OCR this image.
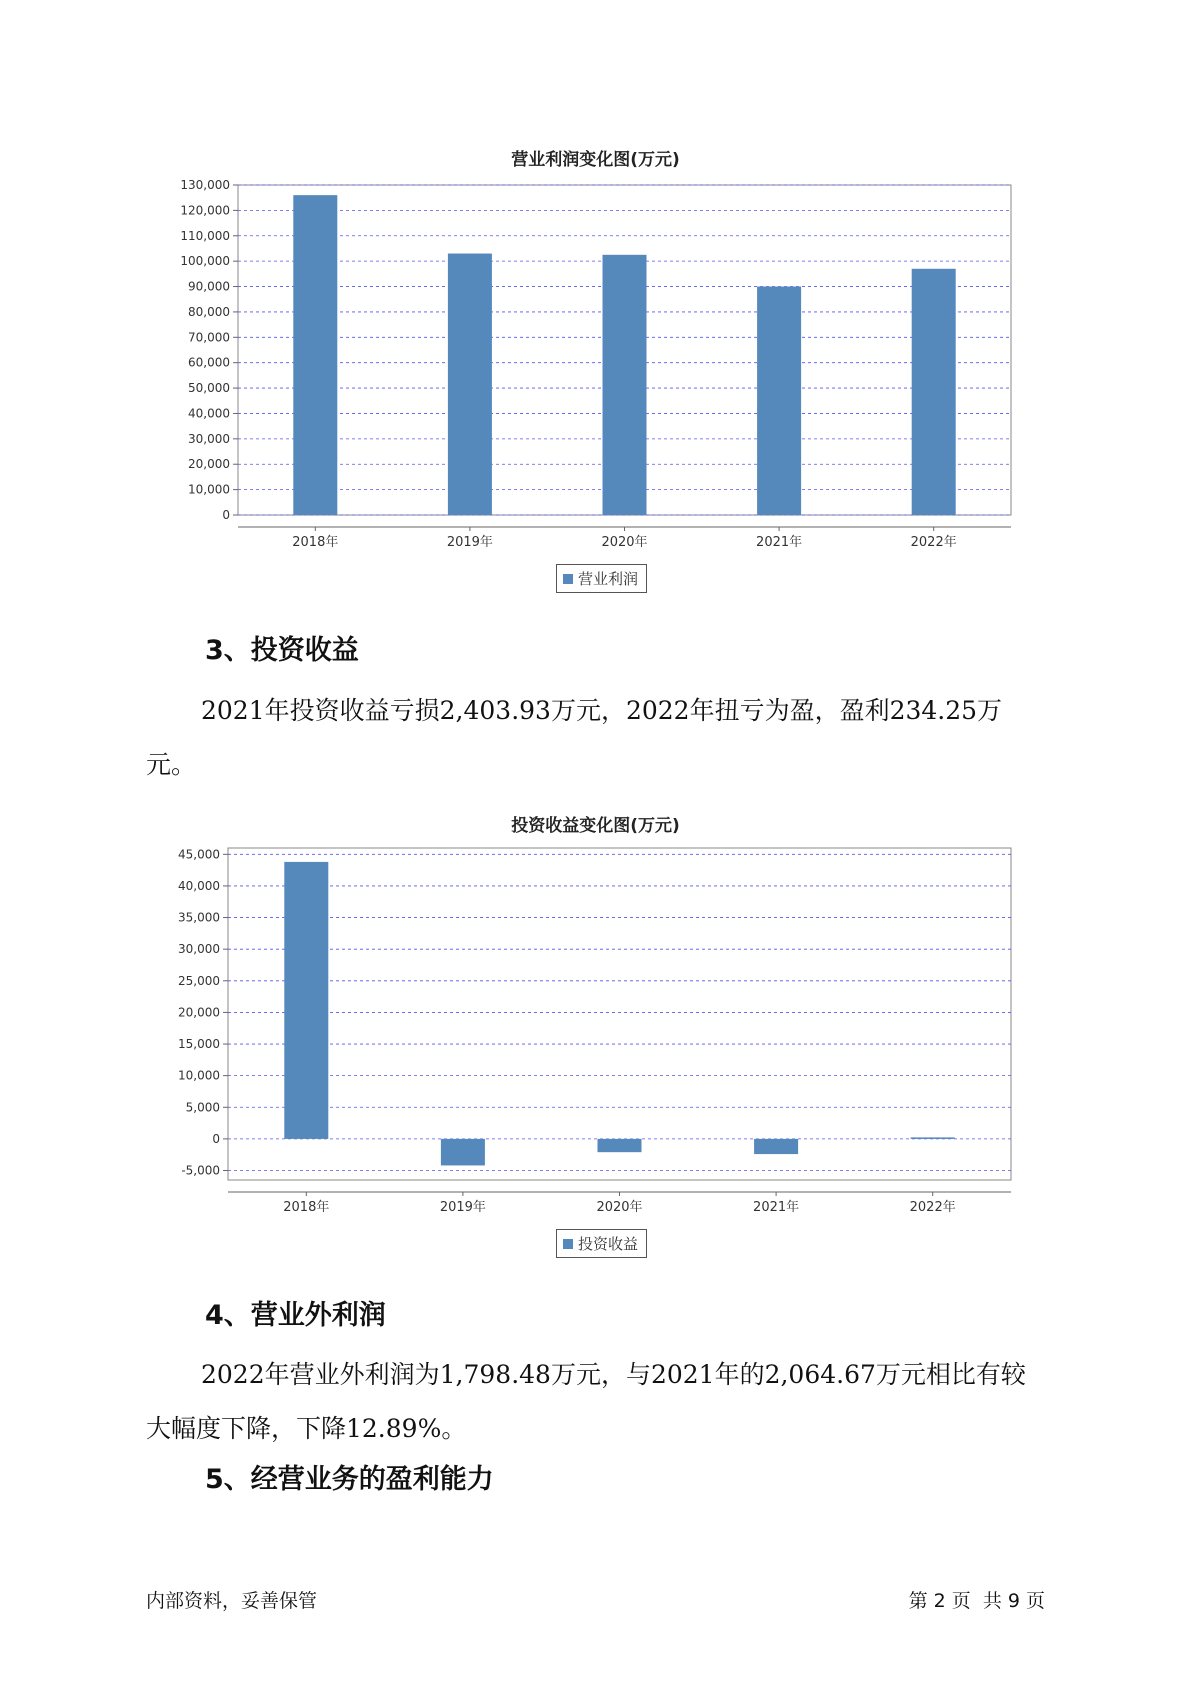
营业利润变化图(万元)
0
10,000
20,000
30,000
40,000
50,000
60,000
70,000
80,000
90,000
100,000
110,000
120,000
130,000
2018年	2019年	2020年	2021年	2022年
营业利润
3、投资收益

2021年投资收益亏损2,403.93万元，2022年扭亏为盈，盈利234.25万元。

投资收益变化图(万元)
-5,000
0
5,000
10,000
15,000
20,000
25,000
30,000
35,000
40,000
45,000
2018年	2019年	2020年	2021年	2022年
投资收益
4、营业外利润

2022年营业外利润为1,798.48万元，与2021年的2,064.67万元相比有较大幅度下降，下降12.89%。

5、经营业务的盈利能力
内部资料，妥善保管	第 2 页  共 9 页
